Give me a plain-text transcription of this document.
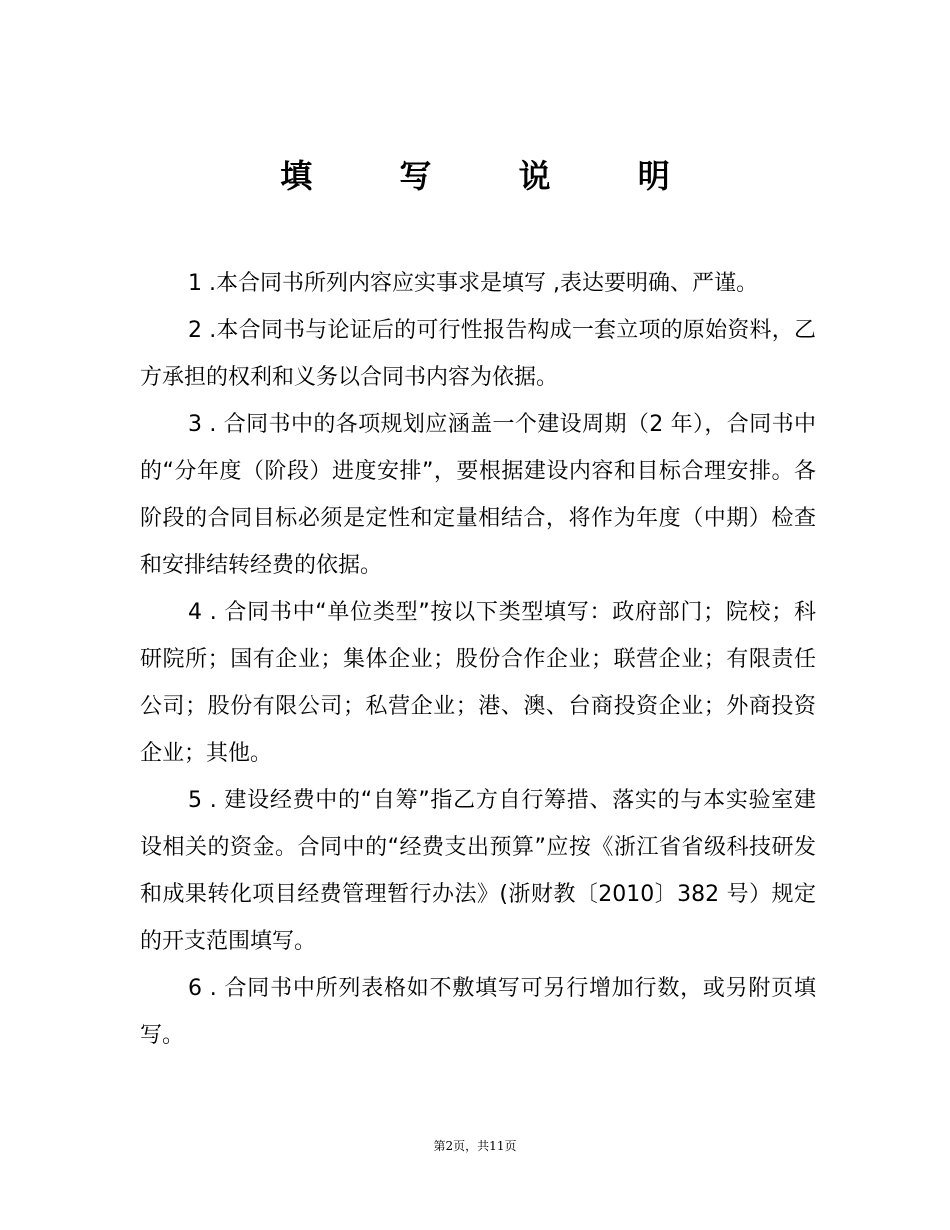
填 写 说 明

1 .本合同书所列内容应实事求是填写 ,表达要明确、严谨。

2 .本合同书与论证后的可行性报告构成一套立项的原始资料，乙方承担的权利和义务以合同书内容为依据。

3 . 合同书中的各项规划应涵盖一个建设周期（2 年），合同书中的“分年度（阶段）进度安排”，要根据建设内容和目标合理安排。各阶段的合同目标必须是定性和定量相结合，将作为年度（中期）检查和安排结转经费的依据。

4 . 合同书中“单位类型”按以下类型填写：政府部门；院校；科研院所；国有企业；集体企业；股份合作企业；联营企业；有限责任公司；股份有限公司；私营企业；港、澳、台商投资企业；外商投资企业；其他。

5 . 建设经费中的“自筹”指乙方自行筹措、落实的与本实验室建设相关的资金。合同中的“经费支出预算”应按《浙江省省级科技研发和成果转化项目经费管理暂行办法》(浙财教〔2010〕382 号）规定的开支范围填写。

6 . 合同书中所列表格如不敷填写可另行增加行数，或另附页填写。

第2页，共11页
